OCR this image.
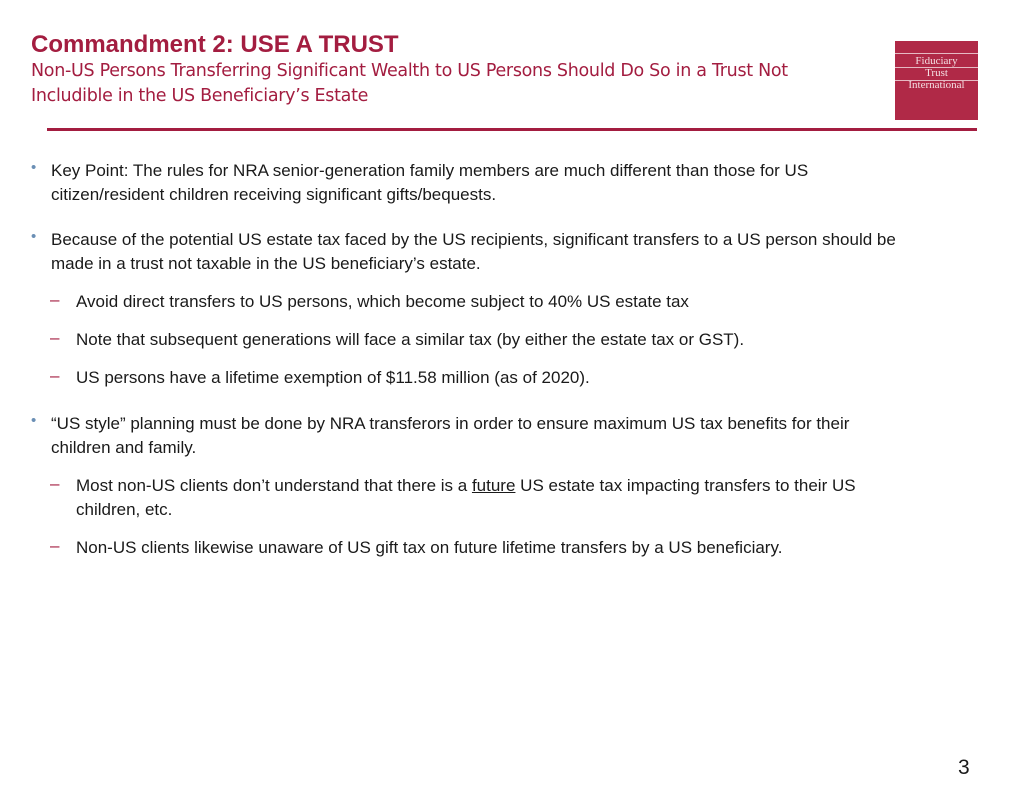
Commandment 2: USE A TRUST
Non-US Persons Transferring Significant Wealth to US Persons Should Do So in a Trust Not Includible in the US Beneficiary’s Estate
Fiduciary
Trust
International
• Key Point: The rules for NRA senior-generation family members are much different than those for US citizen/resident children receiving significant gifts/bequests.
• Because of the potential US estate tax faced by the US recipients, significant transfers to a US person should be made in a trust not taxable in the US beneficiary’s estate.
– Avoid direct transfers to US persons, which become subject to 40% US estate tax
– Note that subsequent generations will face a similar tax (by either the estate tax or GST).
– US persons have a lifetime exemption of $11.58 million (as of 2020).
• “US style” planning must be done by NRA transferors in order to ensure maximum US tax benefits for their children and family.
– Most non-US clients don’t understand that there is a future US estate tax impacting transfers to their US children, etc.
– Non-US clients likewise unaware of US gift tax on future lifetime transfers by a US beneficiary.
3
